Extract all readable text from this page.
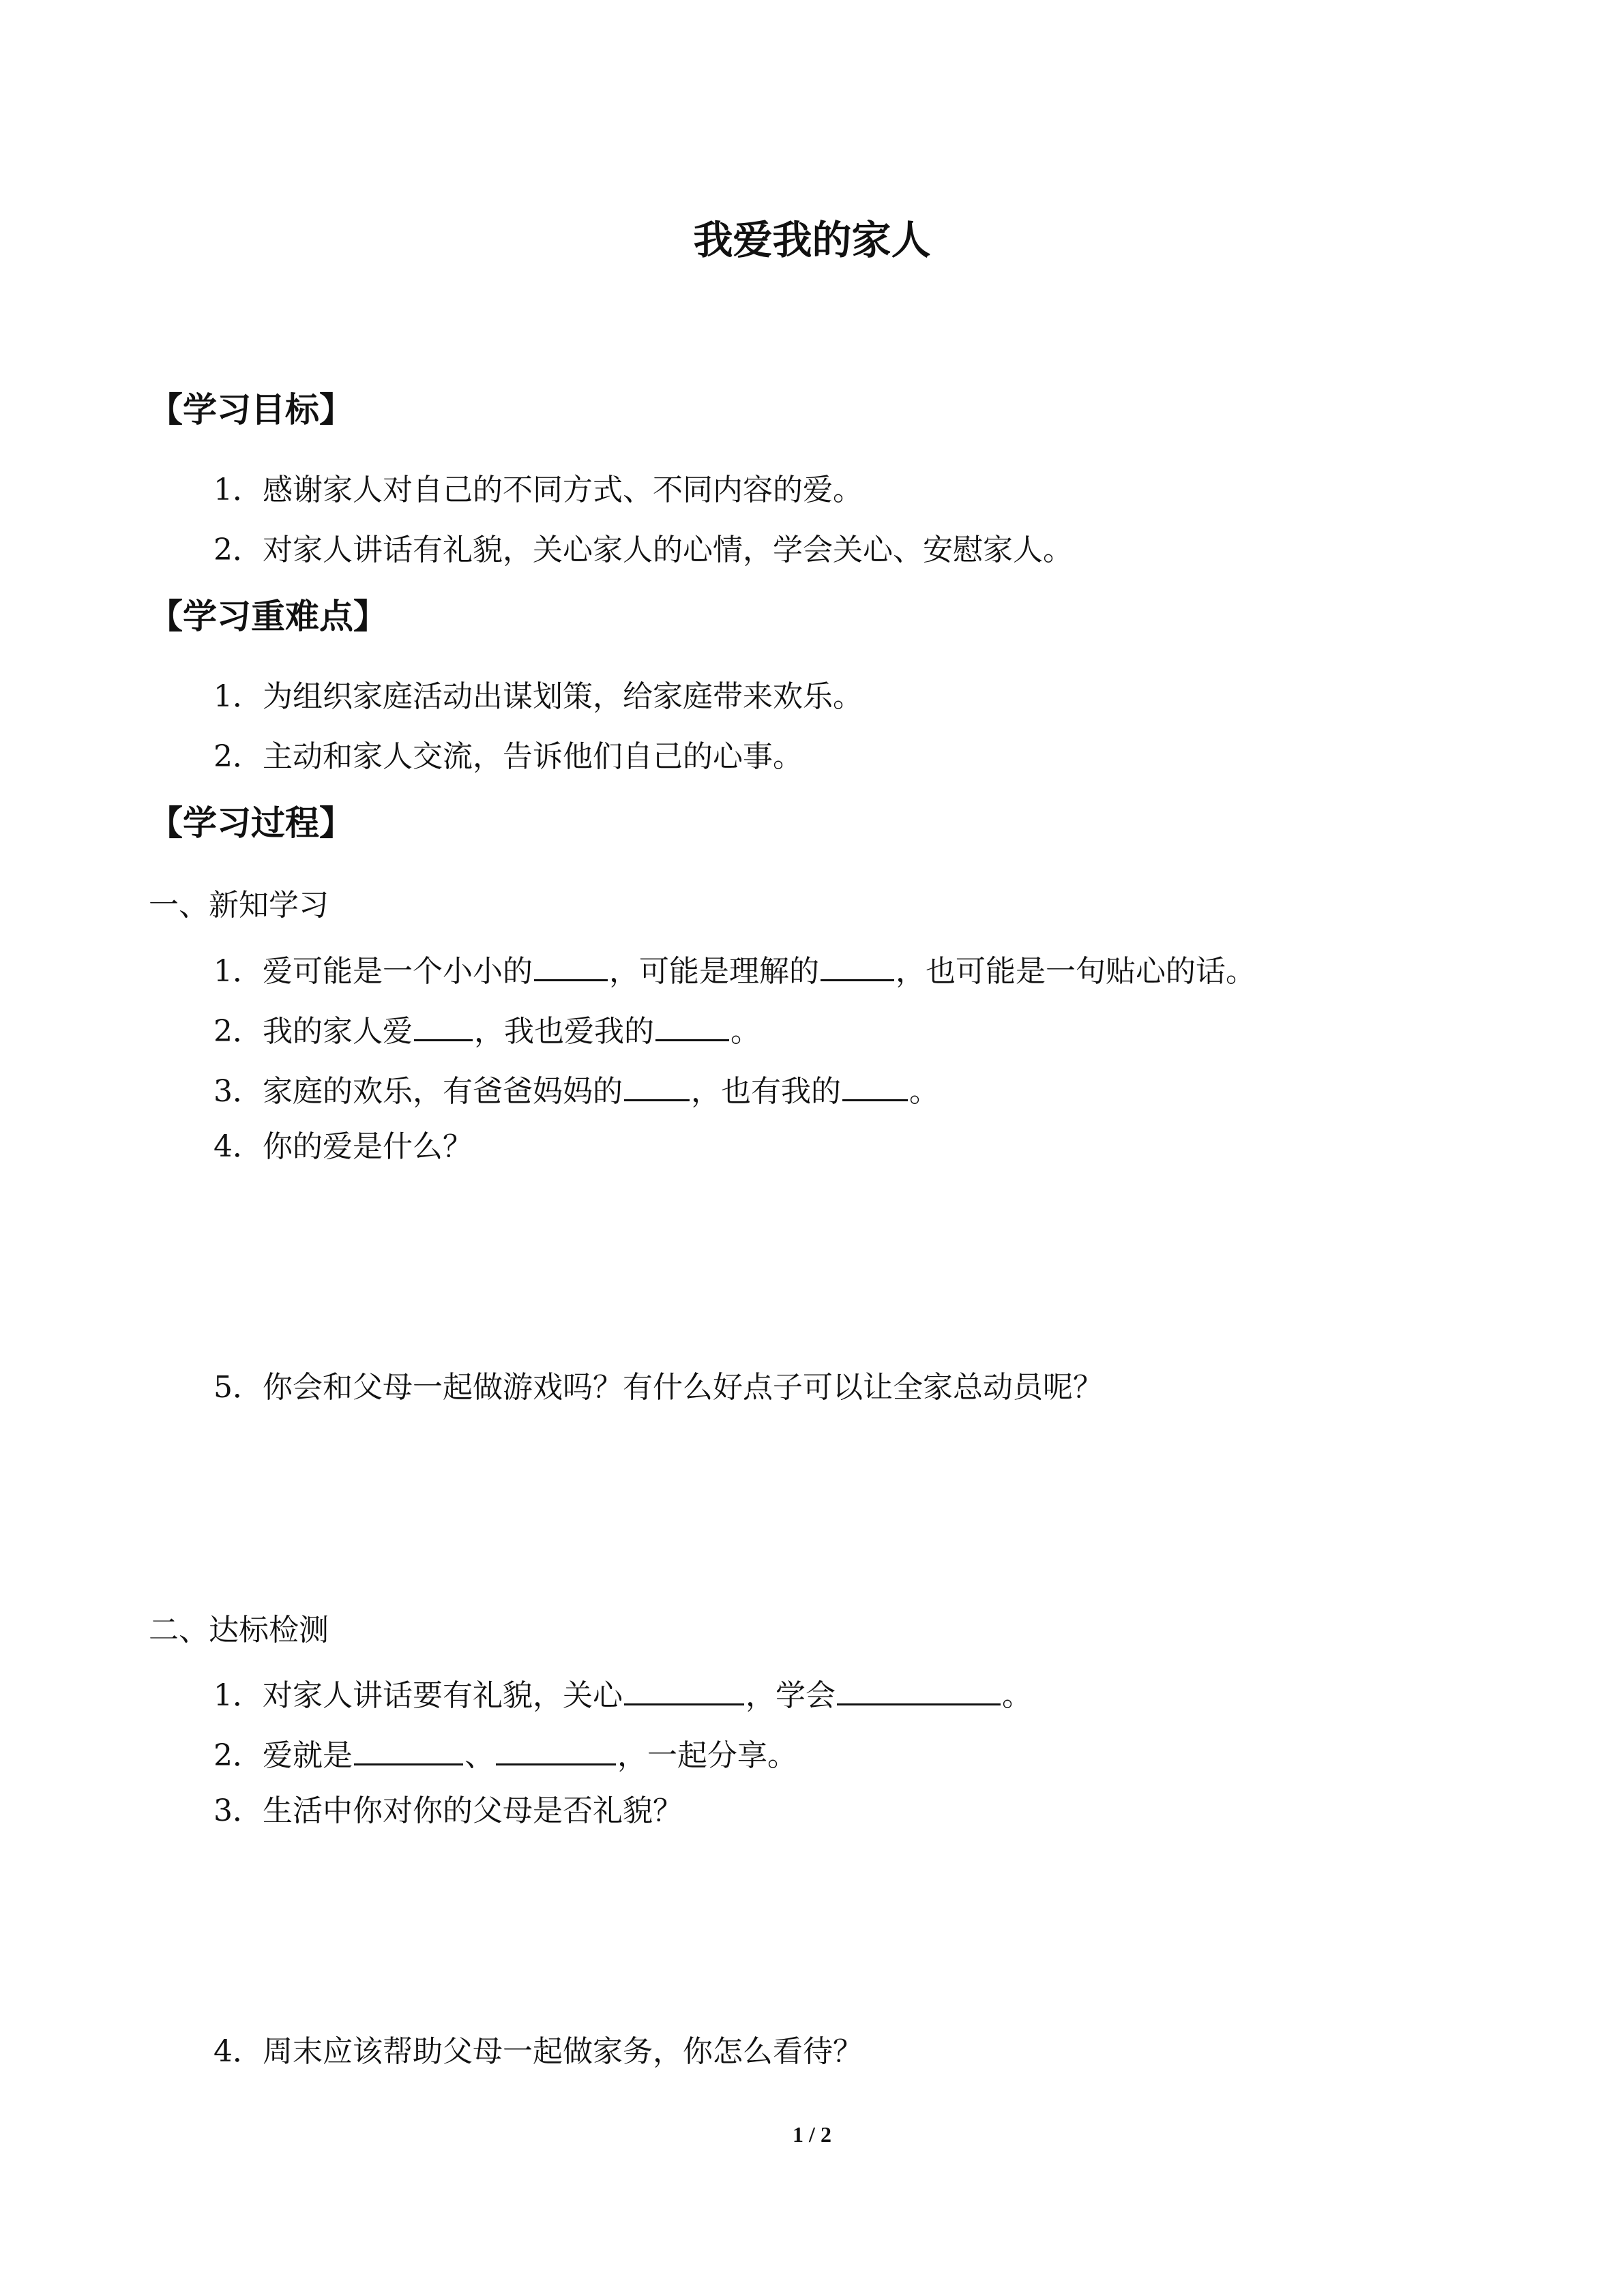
我爱我的家人
【学习目标】
1．感谢家人对自己的不同方式、不同内容的爱。
2．对家人讲话有礼貌，关心家人的心情，学会关心、安慰家人。
【学习重难点】
1．为组织家庭活动出谋划策，给家庭带来欢乐。
2．主动和家人交流，告诉他们自己的心事。
【学习过程】
一、新知学习
1．爱可能是一个小小的	，可能是理解的	，也可能是一句贴心的话。
2．我的家人爱 ，我也爱我的	。
3．家庭的欢乐，有爸爸妈妈的 ，也有我的 。
4．你的爱是什么？
5．你会和父母一起做游戏吗？有什么好点子可以让全家总动员呢？
二、达标检测
1．对家人讲话要有礼貌，关心	，学会	。
2．爱就是	、	，一起分享。
3．生活中你对你的父母是否礼貌？
4．周末应该帮助父母一起做家务，你怎么看待？
1 / 2
